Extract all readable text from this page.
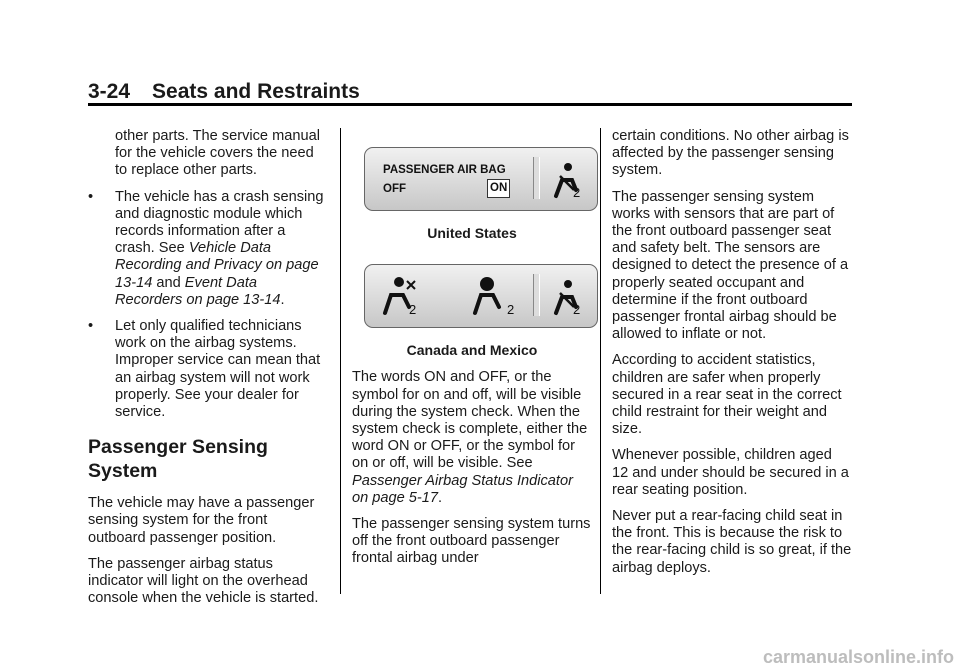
3-24 Seats and Restraints
other parts. The service manual for the vehicle covers the need to replace other parts.
• The vehicle has a crash sensing and diagnostic module which records information after a crash. See Vehicle Data Recording and Privacy on page 13-14 and Event Data Recorders on page 13-14.
• Let only qualified technicians work on the airbag systems. Improper service can mean that an airbag system will not work properly. See your dealer for service.
Passenger Sensing System

The vehicle may have a passenger sensing system for the front outboard passenger position.

The passenger airbag status indicator will light on the overhead console when the vehicle is started.

PASSENGER AIR BAG
OFF	ON	2
United States
2	2	2
Canada and Mexico

The words ON and OFF, or the symbol for on and off, will be visible during the system check. When the system check is complete, either the word ON or OFF, or the symbol for on or off, will be visible. See Passenger Airbag Status Indicator on page 5-17.

The passenger sensing system turns off the front outboard passenger frontal airbag under

certain conditions. No other airbag is affected by the passenger sensing system.

The passenger sensing system works with sensors that are part of the front outboard passenger seat and safety belt. The sensors are designed to detect the presence of a properly seated occupant and determine if the front outboard passenger frontal airbag should be allowed to inflate or not.

According to accident statistics, children are safer when properly secured in a rear seat in the correct child restraint for their weight and size.

Whenever possible, children aged 12 and under should be secured in a rear seating position.

Never put a rear-facing child seat in the front. This is because the risk to the rear-facing child is so great, if the airbag deploys.

carmanualsonline.info
